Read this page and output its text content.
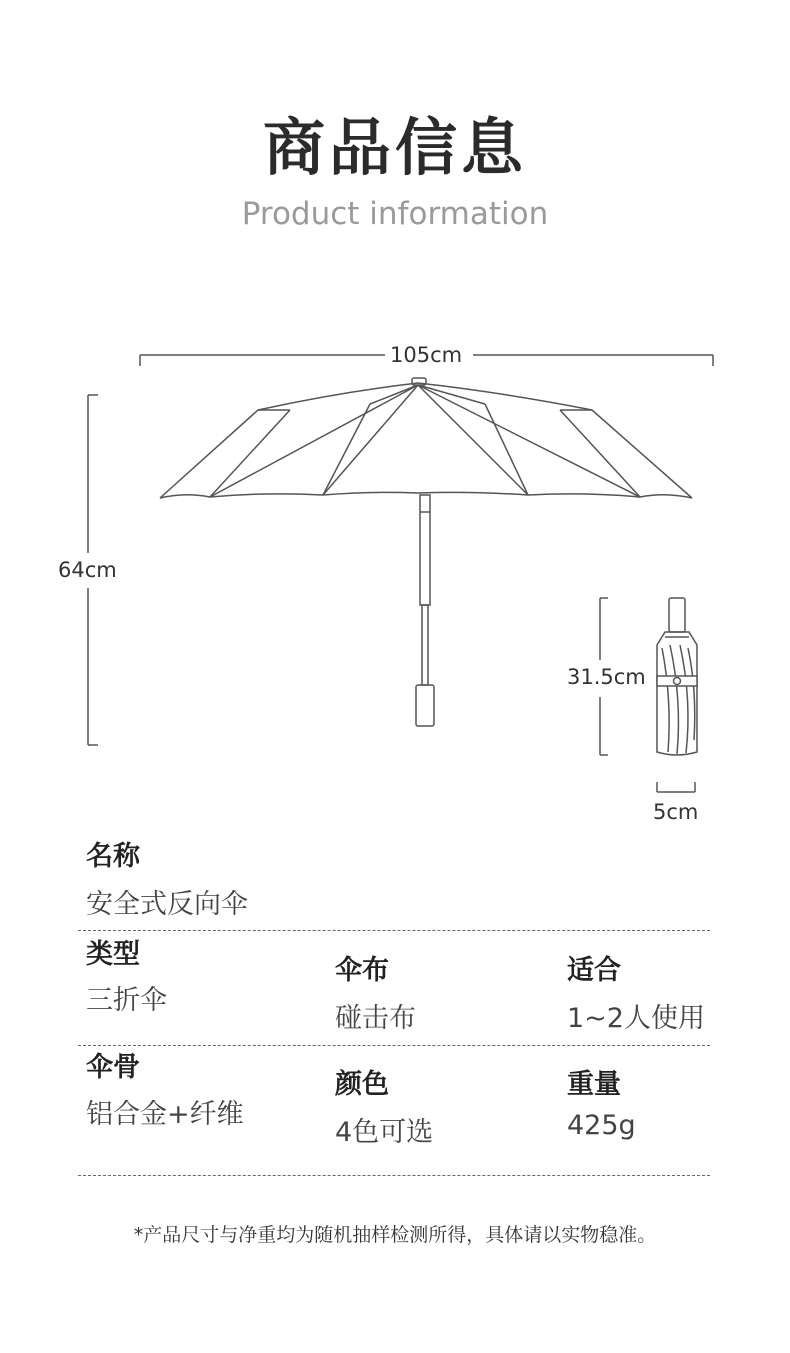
商品信息
Product information
105cm
64cm
31.5cm
5cm
名称
安全式反向伞
类型
三折伞
伞布
碰击布
适合
1~2人使用
伞骨
铝合金+纤维
颜色
4色可选
重量
425g
*产品尺寸与净重均为随机抽样检测所得，具体请以实物稳准。
